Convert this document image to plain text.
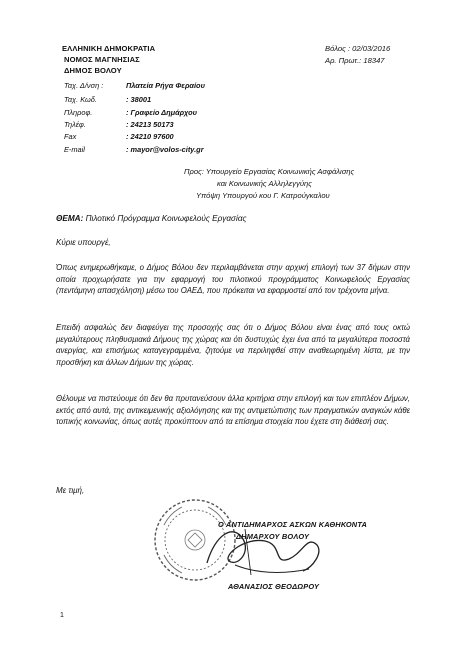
ΕΛΛΗΝΙΚΗ ΔΗΜΟΚΡΑΤΙΑ
ΝΟΜΟΣ ΜΑΓΝΗΣΙΑΣ
ΔΗΜΟΣ ΒΟΛΟΥ
Βόλος : 02/03/2016
Αρ. Πρωτ.: 18347
Ταχ. Δ/νση :	Πλατεία Ρήγα Φεραίου
Ταχ. Κωδ.	: 38001
Πληροφ.	: Γραφείο Δημάρχου
Τηλέφ.	: 24213 50173
Fax	: 24210 97600
E-mail	: mayor@volos-city.gr
Προς: Υπουργείο Εργασίας Κοινωνικής Ασφάλισης
και Κοινωνικής Αλληλεγγύης
Υπόψη Υπουργού κου Γ. Κατρούγκαλου
ΘΕΜΑ: Πιλοτικό Πρόγραμμα Κοινωφελούς Εργασίας
Κύριε υπουργέ,
Όπως ενημερωθήκαμε, ο Δήμος Βόλου δεν περιλαμβάνεται στην αρχική επιλογή των 37 δήμων στην οποία προχωρήσατε για την εφαρμογή του πιλοτικού προγράμματος Κοινωφελούς Εργασίας (πεντάμηνη απασχόληση) μέσω του ΟΑΕΔ, που πρόκειται να εφαρμοστεί από τον τρέχοντα μήνα.
Επειδή ασφαλώς δεν διαφεύγει της προσοχής σας ότι ο Δήμος Βόλου είναι ένας από τους οκτώ μεγαλύτερους πληθυσμιακά Δήμους της χώρας και ότι δυστυχώς έχει ένα από τα μεγαλύτερα ποσοστά ανεργίας, και επισήμως καταγεγραμμένα, ζητούμε να περιληφθεί στην αναθεωρημένη λίστα, με την προσθήκη και άλλων Δήμων της χώρας.
Θέλουμε να πιστεύουμε ότι δεν θα πρυτανεύσουν άλλα κριτήρια στην επιλογή και των επιπλέον Δήμων, εκτός από αυτά, της αντικειμενικής αξιολόγησης και της αντιμετώπισης των πραγματικών αναγκών κάθε τοπικής κοινωνίας, όπως αυτές προκύπτουν από τα επίσημα στοιχεία που έχετε στη διάθεσή σας.
Με τιμή,
Ο ΑΝΤΙΔΗΜΑΡΧΟΣ ΑΣΚΩΝ ΚΑΘΗΚΟΝΤΑ
ΔΗΜΑΡΧΟΥ ΒΟΛΟΥ
ΑΘΑΝΑΣΙΟΣ ΘΕΟΔΩΡΟΥ
1
